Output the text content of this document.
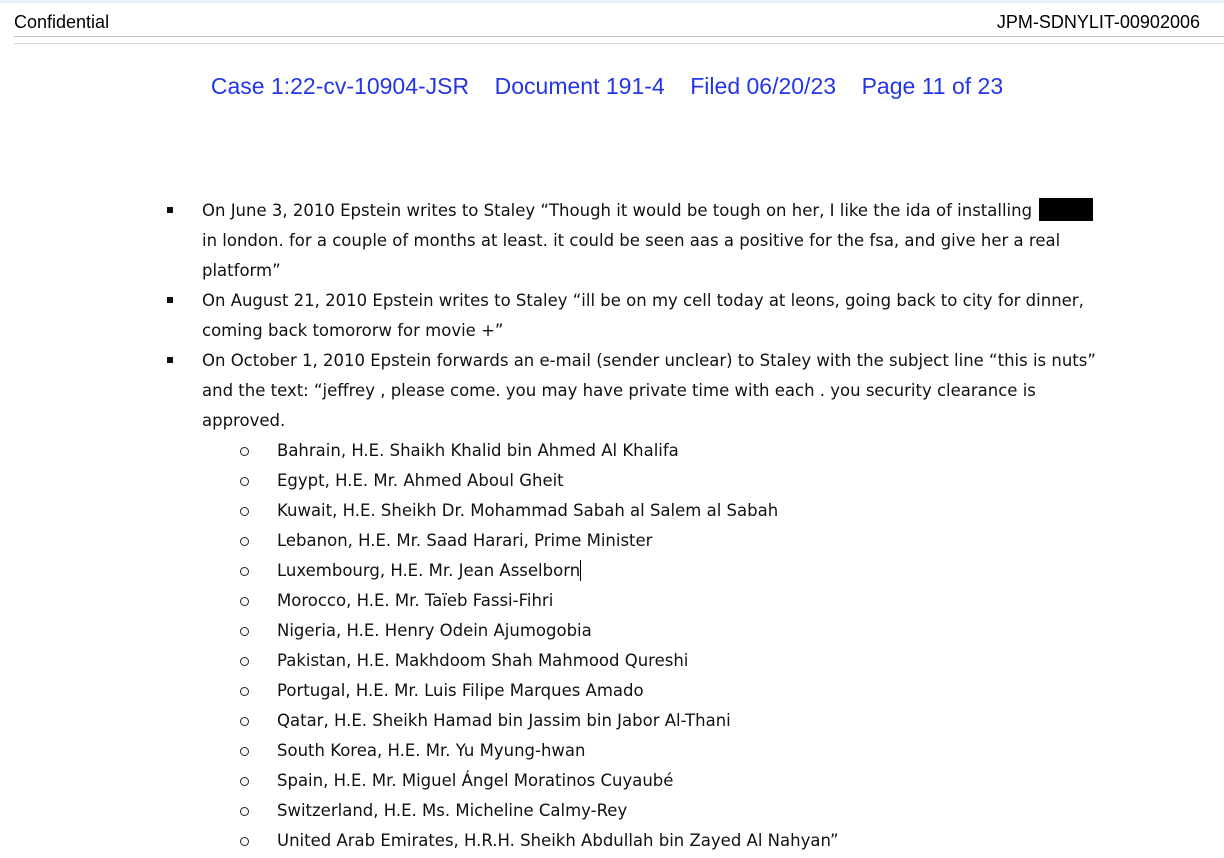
Confidential	JPM-SDNYLIT-00902006
Case 1:22-cv-10904-JSR    Document 191-4    Filed 06/20/23    Page 11 of 23
On June 3, 2010 Epstein writes to Staley “Though it would be tough on her, I like the ida of installing  in london. for a couple of months at least. it could be seen aas a positive for the fsa, and give her a real platform”
On August 21, 2010 Epstein writes to Staley “ill be on my cell today at leons, going back to city for dinner, coming back tomororw for movie +”
On October 1, 2010 Epstein forwards an e-mail (sender unclear) to Staley with the subject line “this is nuts” and the text: “jeffrey , please come. you may have private time with each . you security clearance is approved.
Bahrain, H.E. Shaikh Khalid bin Ahmed Al Khalifa
Egypt, H.E. Mr. Ahmed Aboul Gheit
Kuwait, H.E. Sheikh Dr. Mohammad Sabah al Salem al Sabah
Lebanon, H.E. Mr. Saad Harari, Prime Minister
Luxembourg, H.E. Mr. Jean Asselborn
Morocco, H.E. Mr. Taïeb Fassi-Fihri
Nigeria, H.E. Henry Odein Ajumogobia
Pakistan, H.E. Makhdoom Shah Mahmood Qureshi
Portugal, H.E. Mr. Luis Filipe Marques Amado
Qatar, H.E. Sheikh Hamad bin Jassim bin Jabor Al-Thani
South Korea, H.E. Mr. Yu Myung-hwan
Spain, H.E. Mr. Miguel Ángel Moratinos Cuyaubé
Switzerland, H.E. Ms. Micheline Calmy-Rey
United Arab Emirates, H.R.H. Sheikh Abdullah bin Zayed Al Nahyan”
